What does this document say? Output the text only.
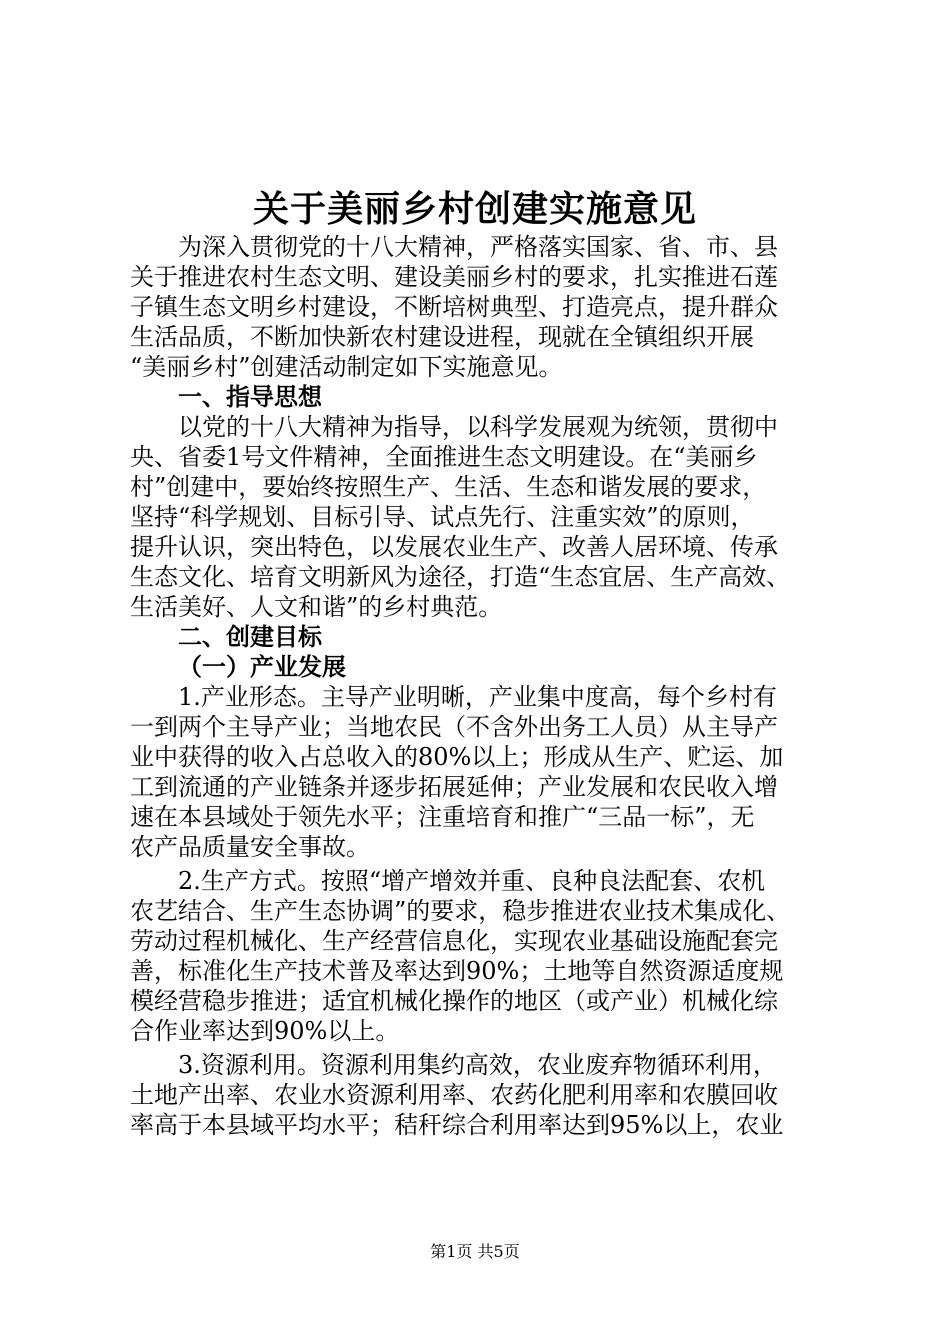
关于美丽乡村创建实施意见

为深入贯彻党的十八大精神，严格落实国家、省、市、县

关于推进农村生态文明、建设美丽乡村的要求，扎实推进石莲

子镇生态文明乡村建设，不断培树典型、打造亮点，提升群众

生活品质，不断加快新农村建设进程，现就在全镇组织开展

“美丽乡村”创建活动制定如下实施意见。

一、指导思想

以党的十八大精神为指导，以科学发展观为统领，贯彻中

央、省委1号文件精神，全面推进生态文明建设。在“美丽乡

村”创建中，要始终按照生产、生活、生态和谐发展的要求，

坚持“科学规划、目标引导、试点先行、注重实效”的原则，

提升认识，突出特色，以发展农业生产、改善人居环境、传承

生态文化、培育文明新风为途径，打造“生态宜居、生产高效、

生活美好、人文和谐”的乡村典范。

二、创建目标

（一）产业发展

1.产业形态。主导产业明晰，产业集中度高，每个乡村有

一到两个主导产业；当地农民（不含外出务工人员）从主导产

业中获得的收入占总收入的80%以上；形成从生产、贮运、加

工到流通的产业链条并逐步拓展延伸；产业发展和农民收入增

速在本县域处于领先水平；注重培育和推广“三品一标”，无

农产品质量安全事故。

2.生产方式。按照“增产增效并重、良种良法配套、农机

农艺结合、生产生态协调”的要求，稳步推进农业技术集成化、

劳动过程机械化、生产经营信息化，实现农业基础设施配套完

善，标准化生产技术普及率达到90%；土地等自然资源适度规

模经营稳步推进；适宜机械化操作的地区（或产业）机械化综

合作业率达到90%以上。

3.资源利用。资源利用集约高效，农业废弃物循环利用，

土地产出率、农业水资源利用率、农药化肥利用率和农膜回收

率高于本县域平均水平；秸秆综合利用率达到95%以上，农业

第1页 共5页
